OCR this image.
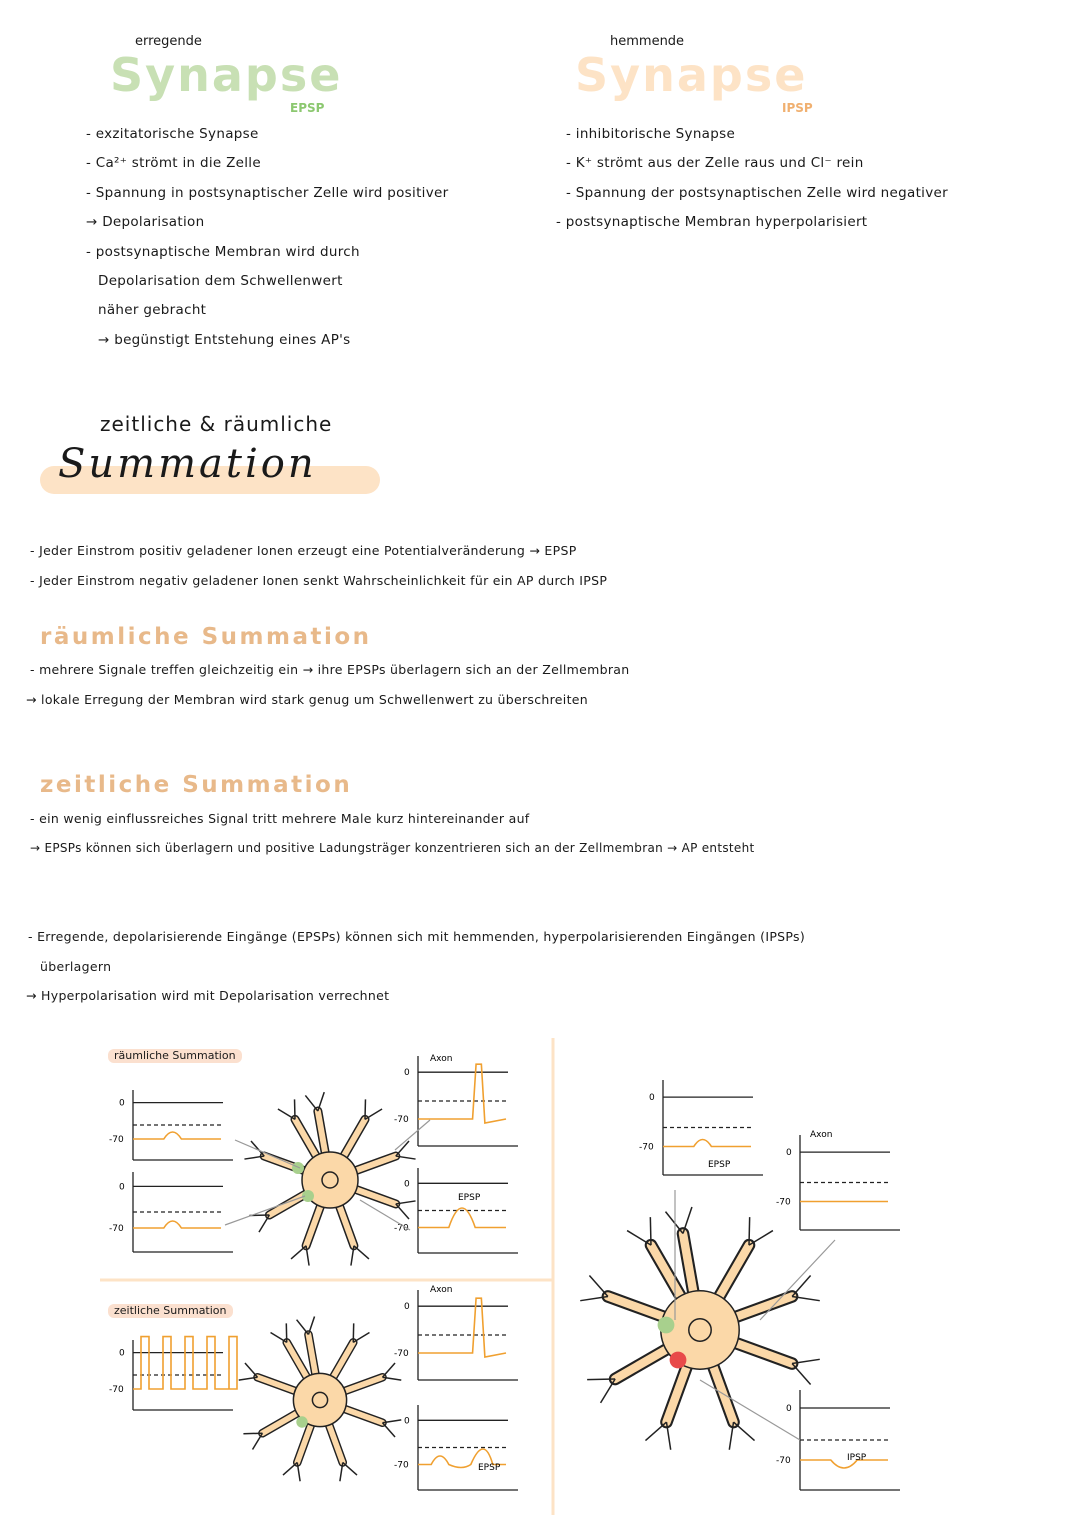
erregende
Synapse
EPSP
- exzitatorische Synapse
- Ca²⁺ strömt in die Zelle
- Spannung in postsynaptischer Zelle wird positiver
→ Depolarisation
- postsynaptische Membran wird durch
Depolarisation dem Schwellenwert
näher gebracht
→ begünstigt Entstehung eines AP's
hemmende
Synapse
IPSP
- inhibitorische Synapse
- K⁺ strömt aus der Zelle raus und Cl⁻ rein
- Spannung der postsynaptischen Zelle wird negativer
- postsynaptische Membran hyperpolarisiert
zeitliche & räumliche
Summation
- Jeder Einstrom positiv geladener Ionen erzeugt eine Potentialveränderung → EPSP
- Jeder Einstrom negativ geladener Ionen senkt Wahrscheinlichkeit für ein AP durch IPSP
räumliche Summation
- mehrere Signale treffen gleichzeitig ein → ihre EPSPs überlagern sich an der Zellmembran
→ lokale Erregung der Membran wird stark genug um Schwellenwert zu überschreiten
zeitliche Summation
- ein wenig einflussreiches Signal tritt mehrere Male kurz hintereinander auf
→ EPSPs können sich überlagern und positive Ladungsträger konzentrieren sich an der Zellmembran → AP entsteht
- Erregende, depolarisierende Eingänge (EPSPs) können sich mit hemmenden, hyperpolarisierenden Eingängen (IPSPs)
überlagern
→ Hyperpolarisation wird mit Depolarisation verrechnet
räumliche Summation
zeitliche Summation
0
-70
0
-70
0
-70
Axon
0
-70
EPSP
0
-70
0
-70
Axon
0
-70	EPSP
0
-70
EPSP
0
-70
Axon
0
-70	IPSP
